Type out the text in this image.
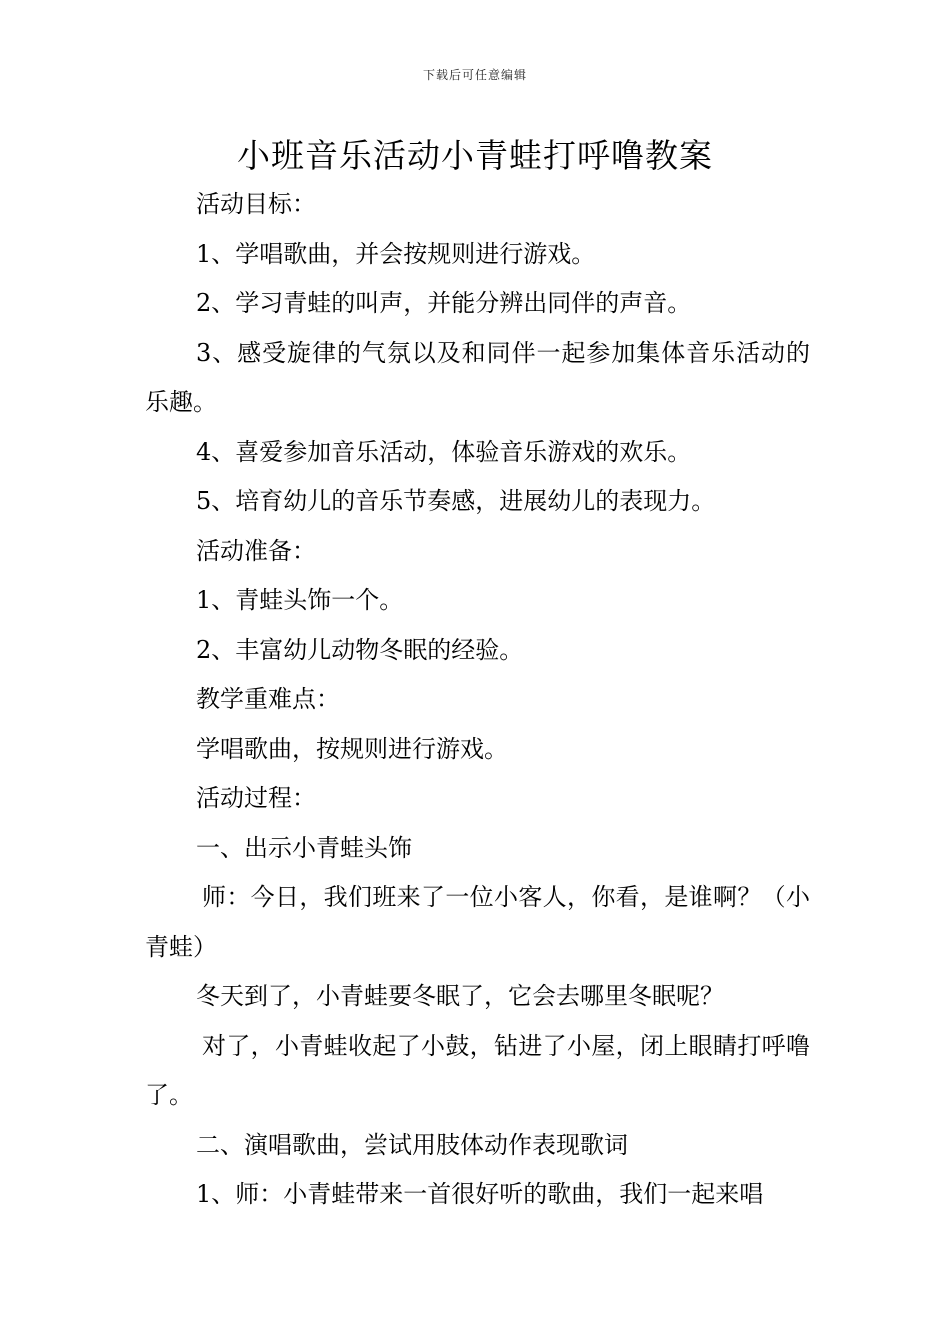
下载后可任意编辑
小班音乐活动小青蛙打呼噜教案

活动目标：

1、学唱歌曲，并会按规则进行游戏。

2、学习青蛙的叫声，并能分辨出同伴的声音。

3、感受旋律的气氛以及和同伴一起参加集体音乐活动的乐趣。

4、喜爱参加音乐活动，体验音乐游戏的欢乐。

5、培育幼儿的音乐节奏感，进展幼儿的表现力。

活动准备：

1、青蛙头饰一个。

2、丰富幼儿动物冬眠的经验。

教学重难点：

学唱歌曲，按规则进行游戏。

活动过程：

一、出示小青蛙头饰

师：今日，我们班来了一位小客人，你看，是谁啊？（小青蛙）

冬天到了，小青蛙要冬眠了，它会去哪里冬眠呢？

对了，小青蛙收起了小鼓，钻进了小屋，闭上眼睛打呼噜了。

二、演唱歌曲，尝试用肢体动作表现歌词

1、师：小青蛙带来一首很好听的歌曲，我们一起来唱
